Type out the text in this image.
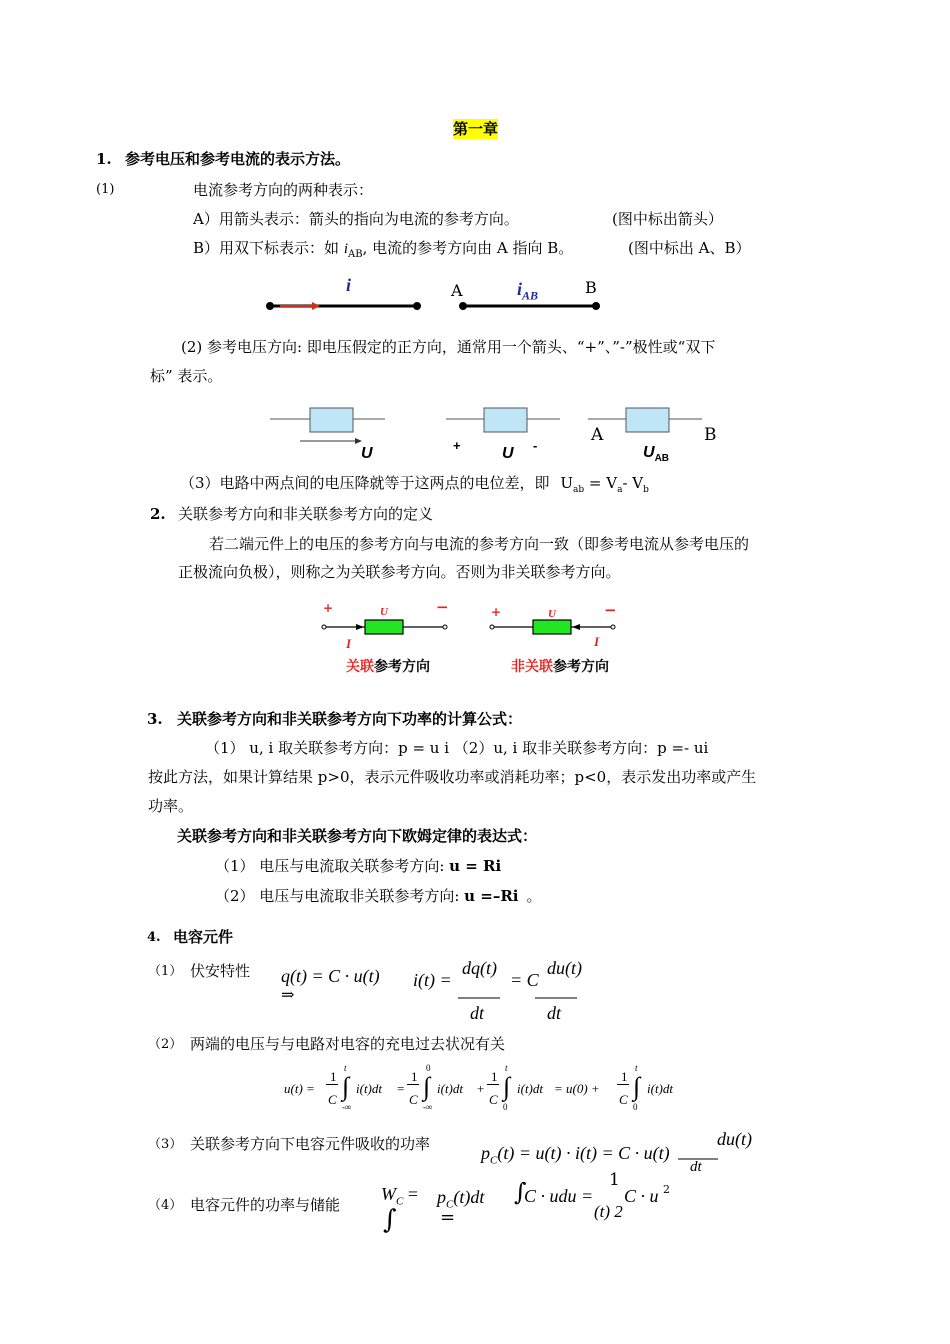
第一章
1. 参考电压和参考电流的表示方法。
(1)	电流参考方向的两种表示：
A）用箭头表示：箭头的指向为电流的参考方向。	(图中标出箭头）
B）用双下标表示：如 $i_{AB}$, 电流的参考方向由 A 指向 B。	(图中标出 A、B）
i	A	$i_{AB}$	B
(2) 参考电压方向: 即电压假定的正方向，通常用一个箭头、“+”、”-”极性或“双下
标” 表示。
U	+	U -
A
$U_{AB}$
B
（3）电路中两点间的电压降就等于这两点的电位差，即 $U_{ab} = V_a-$ $V_b$
2. 关联参考方向和非关联参考方向的定义
若二端元件上的电压的参考方向与电流的参考方向一致（即参考电流从参考电压的
正极流向负极），则称之为关联参考方向。否则为非关联参考方向。
+	U	−
I
+	U	−
I
关联参考方向	非关联参考方向
3. 关联参考方向和非关联参考方向下功率的计算公式：
（1） u, i 取关联参考方向：p = u i （2）u, i 取非关联参考方向：p =- ui
按此方法，如果计算结果 p>0，表示元件吸收功率或消耗功率；p<0，表示发出功率或产生
功率。
关联参考方向和非关联参考方向下欧姆定律的表达式：
（1） 电压与电流取关联参考方向: u = Ri
（2） 电压与电流取非关联参考方向: u =–Ri 。
4. 电容元件
（1） 伏安特性 q(t) = C · u(t)
⇒
i(t) =
dq(t)
dt
= C
du(t)
dt
（2） 两端的电压与与电路对电容的充电过去状况有关
u(t) =
1
C ∫
t
-∞
i(t)dt =
1
C ∫
0
-∞
i(t)dt +
1
C ∫
t
0
i(t)dt = u(0) +
1
C ∫
t
0
i(t)dt
（3） 关联参考方向下电容元件吸收的功率	$p_C(t) = u(t) \cdot i(t) = C \cdot u(t)$
du(t)
dt
（4） 电容元件的功率与储能
$W_C$ =
∫
$p_C(t)dt$
=
∫
C · udu =
1
(t) 2
C · u 2
